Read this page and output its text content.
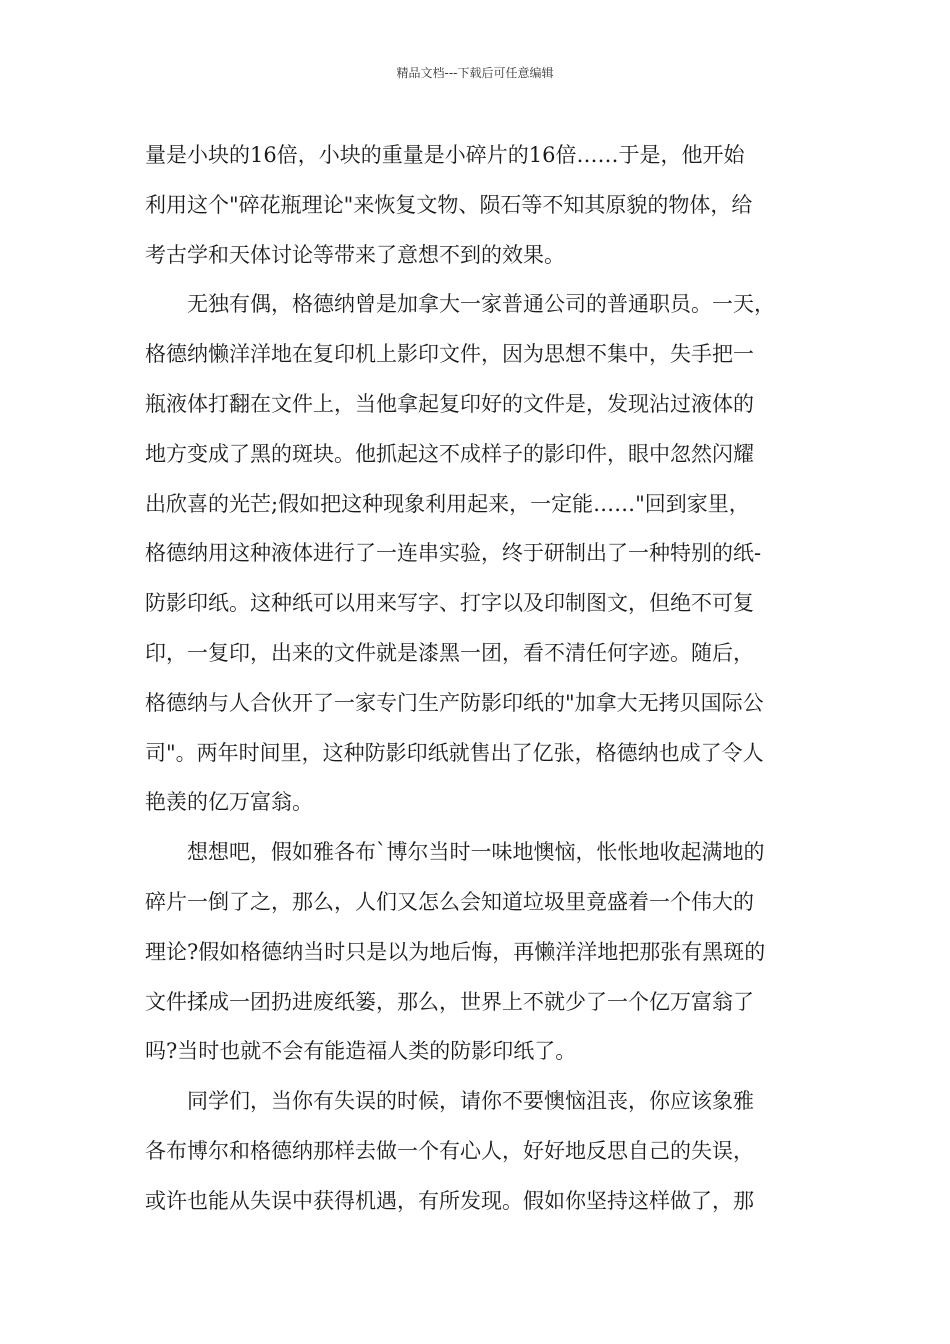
精品文档---下载后可任意编辑

量是小块的16倍，小块的重量是小碎片的16倍……于是，他开始
利用这个"碎花瓶理论"来恢复文物、陨石等不知其原貌的物体，给
考古学和天体讨论等带来了意想不到的效果。

　　无独有偶，格德纳曾是加拿大一家普通公司的普通职员。一天，
格德纳懒洋洋地在复印机上影印文件，因为思想不集中，失手把一
瓶液体打翻在文件上，当他拿起复印好的文件是，发现沾过液体的
地方变成了黑的斑块。他抓起这不成样子的影印件，眼中忽然闪耀
出欣喜的光芒;假如把这种现象利用起来，一定能……"回到家里，
格德纳用这种液体进行了一连串实验，终于研制出了一种特别的纸-
防影印纸。这种纸可以用来写字、打字以及印制图文，但绝不可复
印，一复印，出来的文件就是漆黑一团，看不清任何字迹。随后，
格德纳与人合伙开了一家专门生产防影印纸的"加拿大无拷贝国际公
司"。两年时间里，这种防影印纸就售出了亿张，格德纳也成了令人
艳羡的亿万富翁。

　　想想吧，假如雅各布`博尔当时一味地懊恼，怅怅地收起满地的
碎片一倒了之，那么，人们又怎么会知道垃圾里竟盛着一个伟大的
理论?假如格德纳当时只是以为地后悔，再懒洋洋地把那张有黑斑的
文件揉成一团扔进废纸篓，那么，世界上不就少了一个亿万富翁了
吗?当时也就不会有能造福人类的防影印纸了。

　　同学们，当你有失误的时候，请你不要懊恼沮丧，你应该象雅
各布博尔和格德纳那样去做一个有心人，好好地反思自己的失误，
或许也能从失误中获得机遇，有所发现。假如你坚持这样做了，那
